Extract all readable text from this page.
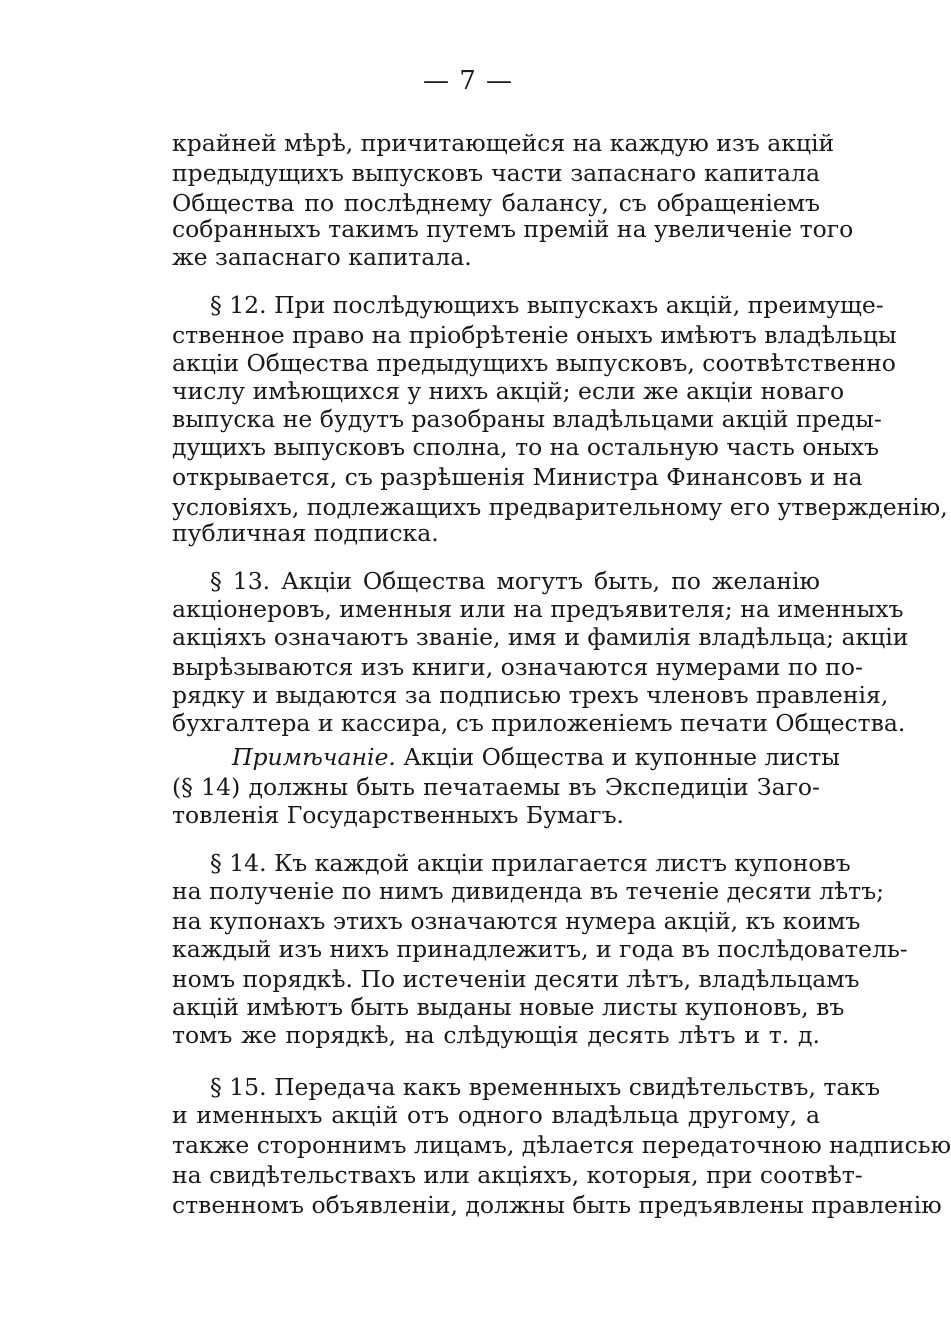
— 7 —
крайней мѣрѣ, причитающейся на каждую изъ акцій
предыдущихъ выпусковъ части запаснаго капитала
Общества по послѣднему балансу, съ обращеніемъ
собранныхъ такимъ путемъ премій на увеличеніе того
же запаснаго капитала.
§ 12. При послѣдующихъ выпускахъ акцій, преимуще-
ственное право на пріобрѣтеніе оныхъ имѣютъ владѣльцы
акціи Общества предыдущихъ выпусковъ, соотвѣтственно
числу имѣющихся у нихъ акцій; если же акціи новаго
выпуска не будутъ разобраны владѣльцами акцій преды-
дущихъ выпусковъ сполна, то на остальную часть оныхъ
открывается, съ разрѣшенія Министра Финансовъ и на
условіяхъ, подлежащихъ предварительному его утвержденію,
публичная подписка.
§ 13. Акціи Общества могутъ быть, по желанію
акціонеровъ, именныя или на предъявителя; на именныхъ
акціяхъ означаютъ званіе, имя и фамилія владѣльца; акціи
вырѣзываются изъ книги, означаются нумерами по по-
рядку и выдаются за подписью трехъ членовъ правленія,
бухгалтера и кассира, съ приложеніемъ печати Общества.
Примѣчаніе. Акціи Общества и купонные листы
(§ 14) должны быть печатаемы въ Экспедиціи Заго-
товленія Государственныхъ Бумагъ.
§ 14. Къ каждой акціи прилагается листъ купоновъ
на полученіе по нимъ дивиденда въ теченіе десяти лѣтъ;
на купонахъ этихъ означаются нумера акцій, къ коимъ
каждый изъ нихъ принадлежитъ, и года въ послѣдователь-
номъ порядкѣ. По истеченіи десяти лѣтъ, владѣльцамъ
акцій имѣютъ быть выданы новые листы купоновъ, въ
томъ же порядкѣ, на слѣдующія десять лѣтъ и т. д.
§ 15. Передача какъ временныхъ свидѣтельствъ, такъ
и именныхъ акцій отъ одного владѣльца другому, а
также стороннимъ лицамъ, дѣлается передаточною надписью
на свидѣтельствахъ или акціяхъ, которыя, при соотвѣт-
ственномъ объявленіи, должны быть предъявлены правленію
